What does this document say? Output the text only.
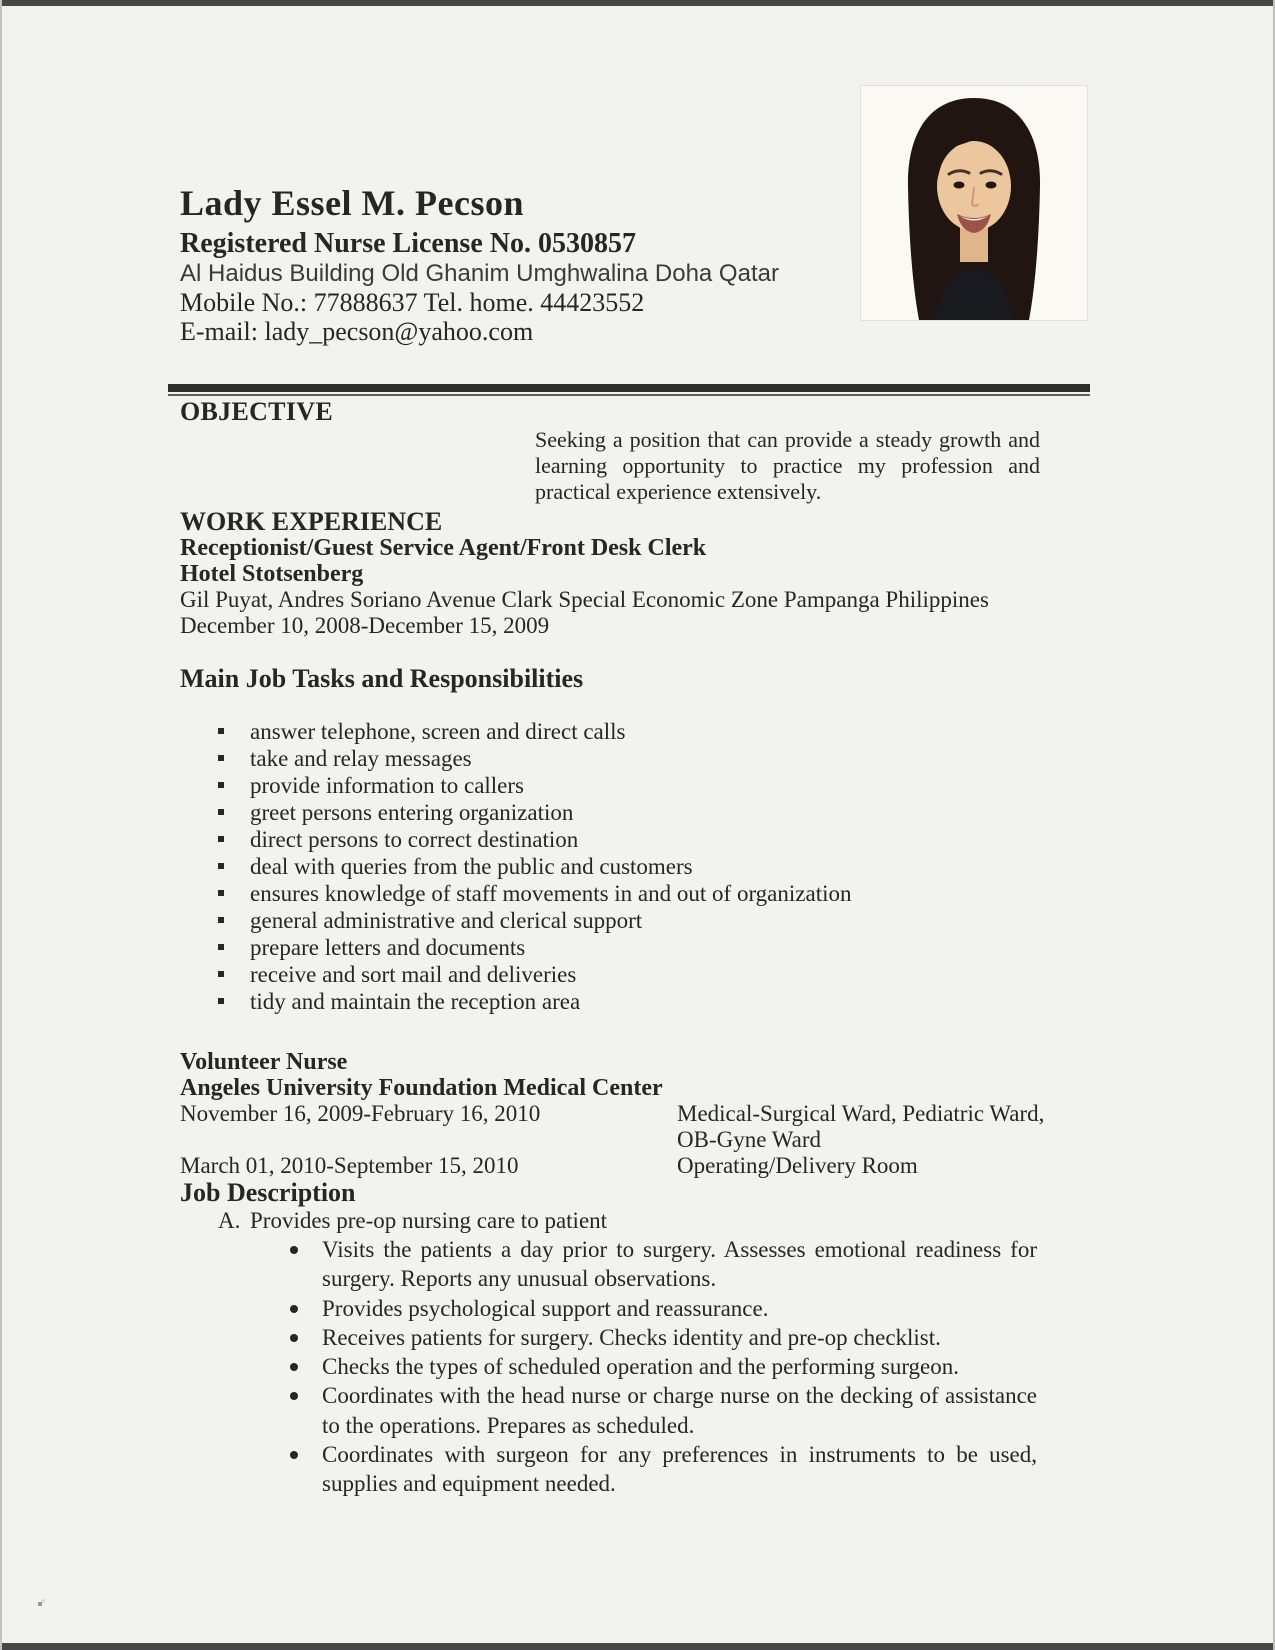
Lady Essel M. Pecson
Registered Nurse License No. 0530857
Al Haidus Building Old Ghanim Umghwalina Doha Qatar
Mobile No.: 77888637 Tel. home. 44423552
E-mail: lady_pecson@yahoo.com
OBJECTIVE
Seeking a position that can provide a steady growth and
learning opportunity to practice my profession and
practical experience extensively.
WORK EXPERIENCE
Receptionist/Guest Service Agent/Front Desk Clerk
Hotel Stotsenberg
Gil Puyat, Andres Soriano Avenue Clark Special Economic Zone Pampanga Philippines
December 10, 2008-December 15, 2009
Main Job Tasks and Responsibilities
answer telephone, screen and direct calls
take and relay messages
provide information to callers
greet persons entering organization
direct persons to correct destination
deal with queries from the public and customers
ensures knowledge of staff movements in and out of organization
general administrative and clerical support
prepare letters and documents
receive and sort mail and deliveries
tidy and maintain the reception area
Volunteer Nurse
Angeles University Foundation Medical Center
November 16, 2009-February 16, 2010	Medical-Surgical Ward, Pediatric Ward,
OB-Gyne Ward
March 01, 2010-September 15, 2010	Operating/Delivery Room
Job Description
A. Provides pre-op nursing care to patient
Visits the patients a day prior to surgery. Assesses emotional readiness for surgery. Reports any unusual observations.
Provides psychological support and reassurance.
Receives patients for surgery. Checks identity and pre-op checklist.
Checks the types of scheduled operation and the performing surgeon.
Coordinates with the head nurse or charge nurse on the decking of assistance to the operations. Prepares as scheduled.
Coordinates with surgeon for any preferences in instruments to be used, supplies and equipment needed.
